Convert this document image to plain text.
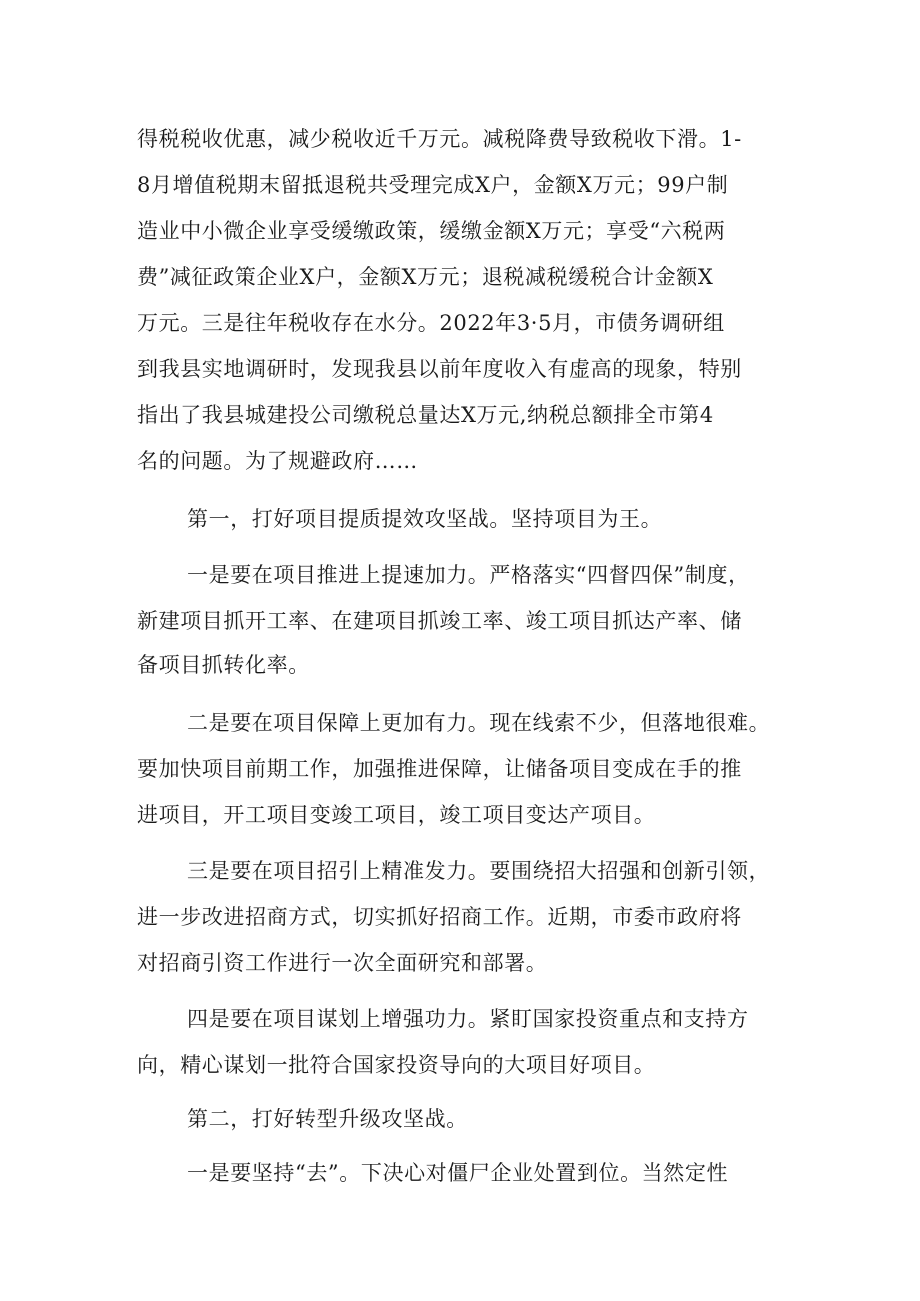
得税税收优惠，减少税收近千万元。减税降费导致税收下滑。1-
8月增值税期末留抵退税共受理完成X户，金额X万元；99户制
造业中小微企业享受缓缴政策，缓缴金额X万元；享受“六税两
费”减征政策企业X户，金额X万元；退税减税缓税合计金额X
万元。三是往年税收存在水分。2022年3·5月，市债务调研组
到我县实地调研时，发现我县以前年度收入有虚高的现象，特别
指出了我县城建投公司缴税总量达X万元,纳税总额排全市第4
名的问题。为了规避政府……
第一，打好项目提质提效攻坚战。坚持项目为王。
一是要在项目推进上提速加力。严格落实“四督四保”制度，
新建项目抓开工率、在建项目抓竣工率、竣工项目抓达产率、储
备项目抓转化率。
二是要在项目保障上更加有力。现在线索不少，但落地很难。
要加快项目前期工作，加强推进保障，让储备项目变成在手的推
进项目，开工项目变竣工项目，竣工项目变达产项目。
三是要在项目招引上精准发力。要围绕招大招强和创新引领，
进一步改进招商方式，切实抓好招商工作。近期，市委市政府将
对招商引资工作进行一次全面研究和部署。
四是要在项目谋划上增强功力。紧盯国家投资重点和支持方
向，精心谋划一批符合国家投资导向的大项目好项目。
第二，打好转型升级攻坚战。
一是要坚持“去”。下决心对僵尸企业处置到位。当然定性
